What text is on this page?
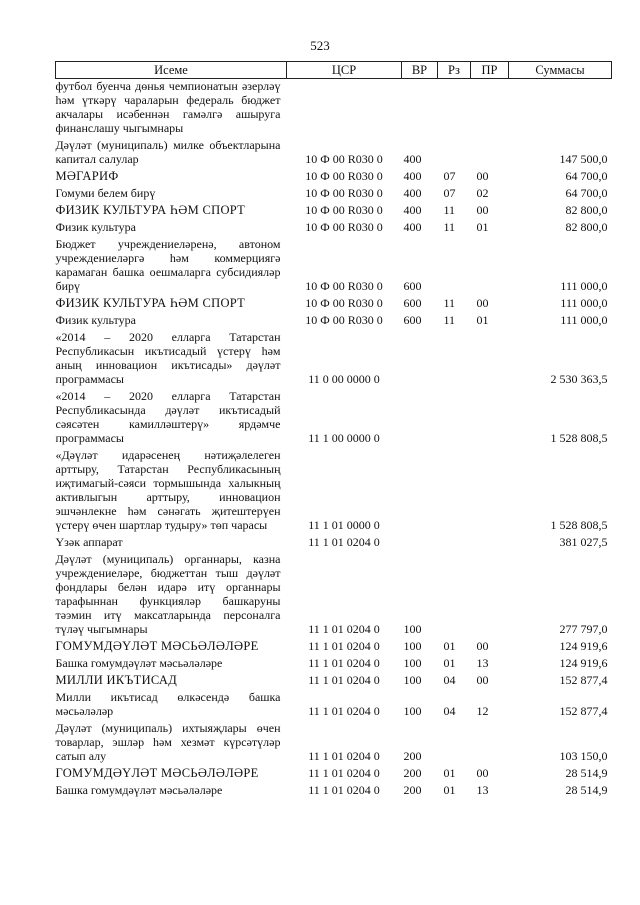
523
Исеме	ЦСР	ВР	Рз	ПР	Суммасы
футбол буенча дөнья чемпионатын әзерләү һәм үткәрү чараларын федераль бюджет акчалары исәбеннән гамәлгә ашыруга финанслашу чыгымнары					
Дәүләт (муниципаль) милке объектларына капитал салулар	10 Ф 00 R030 0	400			147 500,0
МӘГАРИФ	10 Ф 00 R030 0	400	07	00	64 700,0
Гомуми белем бирү	10 Ф 00 R030 0	400	07	02	64 700,0
ФИЗИК КУЛЬТУРА ҺӘМ СПОРТ	10 Ф 00 R030 0	400	11	00	82 800,0
Физик культура	10 Ф 00 R030 0	400	11	01	82 800,0
Бюджет учреждениеләренә, автоном учреждениеләргә һәм коммерциягә карамаган башка оешмаларга субсидияләр бирү	10 Ф 00 R030 0	600			111 000,0
ФИЗИК КУЛЬТУРА ҺӘМ СПОРТ	10 Ф 00 R030 0	600	11	00	111 000,0
Физик культура	10 Ф 00 R030 0	600	11	01	111 000,0
«2014 – 2020 елларга Татарстан Республикасын икътисадый үстерү һәм аның инновацион икътисады» дәүләт программасы	11 0 00 0000 0				2 530 363,5
«2014 – 2020 елларга Татарстан Республикасында дәүләт икътисадый сәясәтен камилләштерү» ярдәмче программасы	11 1 00 0000 0				1 528 808,5
«Дәүләт идарәсенең нәтиҗәлелеген арттыру, Татарстан Республикасының иҗтимагый-сәяси тормышында халыкның активлыгын арттыру, инновацион эшчәнлекне һәм сәнәгать җитештерүен үстерү өчен шартлар тудыру» төп чарасы	11 1 01 0000 0				1 528 808,5
Үзәк аппарат	11 1 01 0204 0				381 027,5
Дәүләт (муниципаль) органнары, казна учреждениеләре, бюджеттан тыш дәүләт фондлары белән идарә итү органнары тарафыннан функцияләр башкаруны тәэмин итү максатларында персоналга түләү чыгымнары	11 1 01 0204 0	100			277 797,0
ГОМУМДӘҮЛӘТ МӘСЬӘЛӘЛӘРЕ	11 1 01 0204 0	100	01	00	124 919,6
Башка гомумдәүләт мәсьәләләре	11 1 01 0204 0	100	01	13	124 919,6
МИЛЛИ ИКЪТИСАД	11 1 01 0204 0	100	04	00	152 877,4
Милли икътисад өлкәсендә башка мәсьәләләр	11 1 01 0204 0	100	04	12	152 877,4
Дәүләт (муниципаль) ихтыяҗлары өчен товарлар, эшләр һәм хезмәт күрсәтүләр сатып алу	11 1 01 0204 0	200			103 150,0
ГОМУМДӘҮЛӘТ МӘСЬӘЛӘЛӘРЕ	11 1 01 0204 0	200	01	00	28 514,9
Башка гомумдәүләт мәсьәләләре	11 1 01 0204 0	200	01	13	28 514,9
